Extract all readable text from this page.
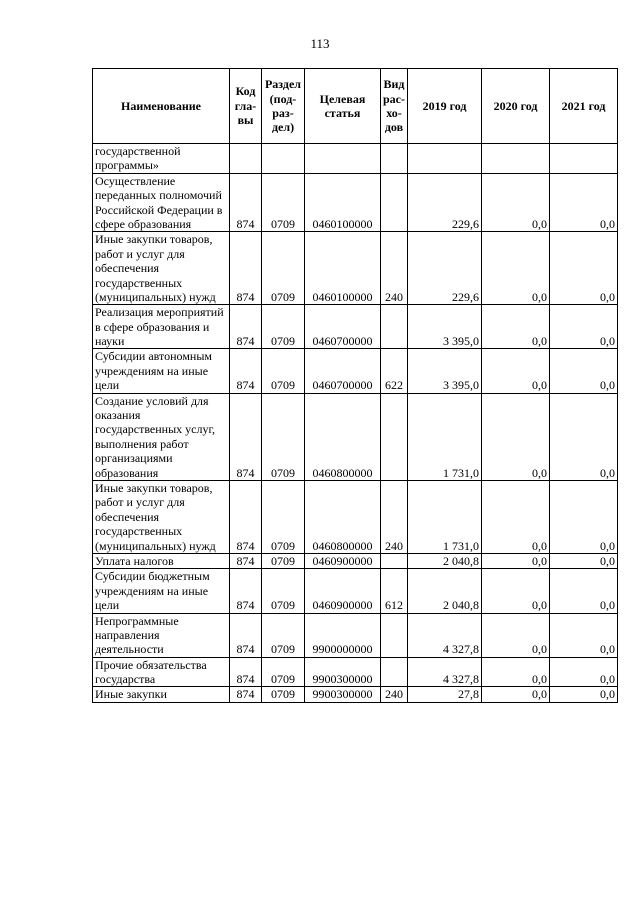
113
Наименование	Код гла-вы	Раздел (под-раз-дел)	Целевая статья	Вид рас-хо-дов	2019 год	2020 год	2021 год
государственной программы»							
Осуществление переданных полномочий Российской Федерации в сфере образования	874	0709	0460100000		229,6	0,0	0,0
Иные закупки товаров, работ и услуг для обеспечения государственных (муниципальных) нужд	874	0709	0460100000	240	229,6	0,0	0,0
Реализация мероприятий в сфере образования и науки	874	0709	0460700000		3 395,0	0,0	0,0
Субсидии автономным учреждениям на иные цели	874	0709	0460700000	622	3 395,0	0,0	0,0
Создание условий для оказания государственных услуг, выполнения работ организациями образования	874	0709	0460800000		1 731,0	0,0	0,0
Иные закупки товаров, работ и услуг для обеспечения государственных (муниципальных) нужд	874	0709	0460800000	240	1 731,0	0,0	0,0
Уплата налогов	874	0709	0460900000		2 040,8	0,0	0,0
Субсидии бюджетным учреждениям на иные цели	874	0709	0460900000	612	2 040,8	0,0	0,0
Непрограммные направления деятельности	874	0709	9900000000		4 327,8	0,0	0,0
Прочие обязательства государства	874	0709	9900300000		4 327,8	0,0	0,0
Иные закупки	874	0709	9900300000	240	27,8	0,0	0,0
